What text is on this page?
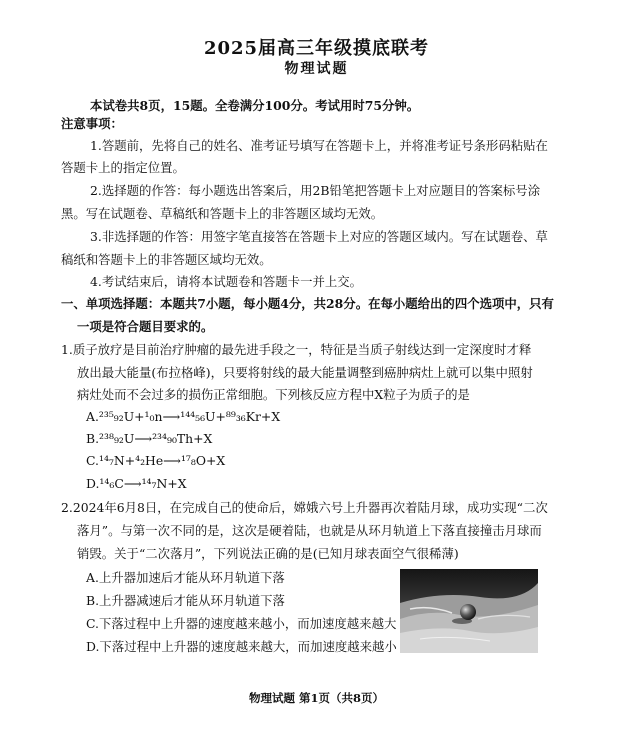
2025届高三年级摸底联考
物理试题
本试卷共8页，15题。全卷满分100分。考试用时75分钟。
注意事项：
1.答题前，先将自己的姓名、准考证号填写在答题卡上，并将准考证号条形码粘贴在
答题卡上的指定位置。
2.选择题的作答：每小题选出答案后，用2B铅笔把答题卡上对应题目的答案标号涂
黑。写在试题卷、草稿纸和答题卡上的非答题区域均无效。
3.非选择题的作答：用签字笔直接答在答题卡上对应的答题区域内。写在试题卷、草
稿纸和答题卡上的非答题区域均无效。
4.考试结束后，请将本试题卷和答题卡一并上交。
一、单项选择题：本题共7小题，每小题4分，共28分。在每小题给出的四个选项中，只有
一项是符合题目要求的。
1.质子放疗是目前治疗肿瘤的最先进手段之一，特征是当质子射线达到一定深度时才释
放出最大能量(布拉格峰)，只要将射线的最大能量调整到癌肿病灶上就可以集中照射
病灶处而不会过多的损伤正常细胞。下列核反应方程中X粒子为质子的是
A.²³⁵₉₂U+¹₀n⟶¹⁴⁴₅₆U+⁸⁹₃₆Kr+X
B.²³⁸₉₂U⟶²³⁴₉₀Th+X
C.¹⁴₇N+⁴₂He⟶¹⁷₈O+X
D.¹⁴₆C⟶¹⁴₇N+X
2.2024年6月8日，在完成自己的使命后，嫦娥六号上升器再次着陆月球，成功实现“二次
落月”。与第一次不同的是，这次是硬着陆，也就是从环月轨道上下落直接撞击月球而
销毁。关于“二次落月”，下列说法正确的是(已知月球表面空气很稀薄)
A.上升器加速后才能从环月轨道下落
B.上升器减速后才能从环月轨道下落
C.下落过程中上升器的速度越来越小，而加速度越来越大
D.下落过程中上升器的速度越来越大，而加速度越来越小
物理试题 第1页（共8页）
